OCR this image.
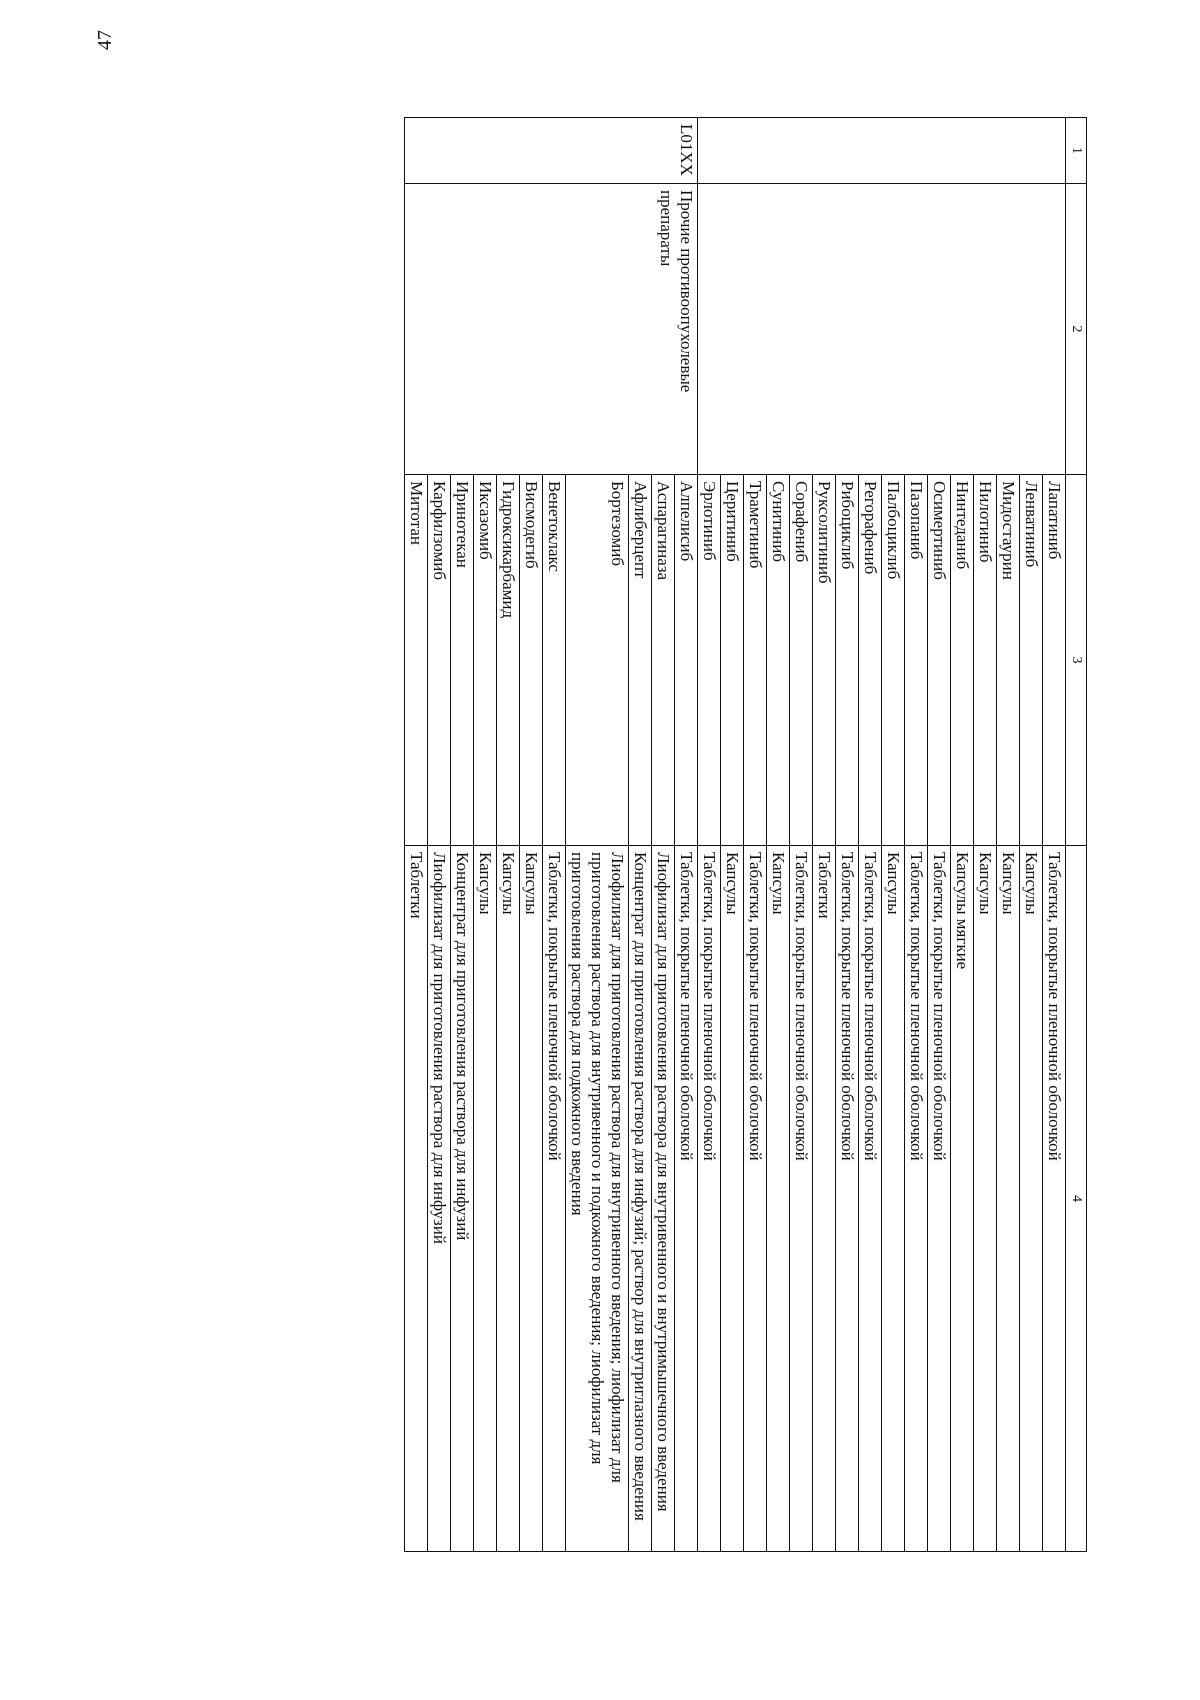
47
1	2	3	4
		Лапатиниб	Таблетки, покрытые пленочной оболочкой
		Ленватиниб	Капсулы
		Мидостаурин	Капсулы
		Нилотиниб	Капсулы
		Нинтеданиб	Капсулы мягкие
		Осимертиниб	Таблетки, покрытые пленочной оболочкой
		Пазопаниб	Таблетки, покрытые пленочной оболочкой
		Палбоциклиб	Капсулы
		Регорафениб	Таблетки, покрытые пленочной оболочкой
		Рибоциклиб	Таблетки, покрытые пленочной оболочкой
		Руксолитиниб	Таблетки
		Сорафениб	Таблетки, покрытые пленочной оболочкой
		Сунитиниб	Капсулы
		Траметиниб	Таблетки, покрытые пленочной оболочкой
		Церитиниб	Капсулы
		Эрлотиниб	Таблетки, покрытые пленочной оболочкой
L01XX	Прочие противоопухолевые препараты	Алпелисиб	Таблетки, покрытые пленочной оболочкой
		Аспарагиназа	Лиофилизат для приготовления раствора для внутривенного и внутримышечного введения
		Афлиберцепт	Концентрат для приготовления раствора для инфузий; раствор для внутриглазного введения
		Бортезомиб	Лиофилизат для приготовления раствора для внутривенного введения; лиофилизат для приготовления раствора для внутривенного и подкожного введения; лиофилизат для приготовления раствора для подкожного введения
		Венетоклакс	Таблетки, покрытые пленочной оболочкой
		Висмодегиб	Капсулы
		Гидроксикарбамид	Капсулы
		Иксазомиб	Капсулы
		Иринотекан	Концентрат для приготовления раствора для инфузий
		Карфилзомиб	Лиофилизат для приготовления раствора для инфузий
		Митотан	Таблетки
